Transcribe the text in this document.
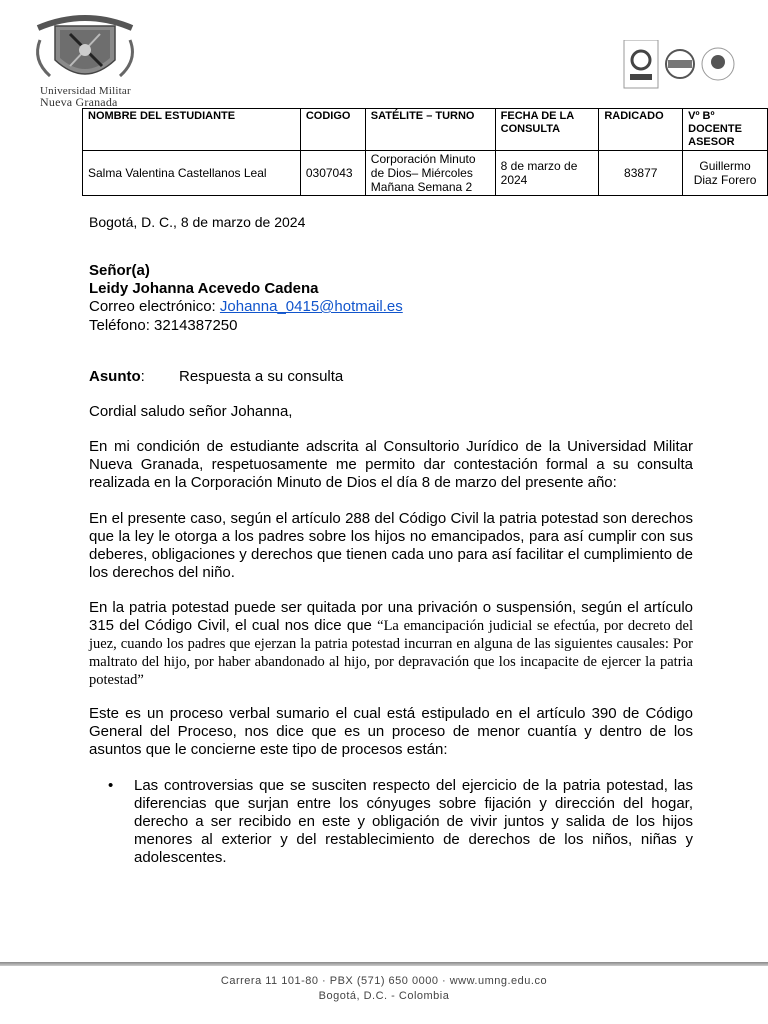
Universidad Militar
Nueva Granada
NOMBRE DEL ESTUDIANTE	CODIGO	SATÉLITE – TURNO	FECHA DE LA CONSULTA	RADICADO	Vº Bº DOCENTE ASESOR
Salma Valentina Castellanos Leal	0307043	Corporación Minuto de Dios– Miércoles Mañana Semana 2	8 de marzo de 2024	83877	Guillermo Diaz Forero
Bogotá, D. C., 8 de marzo de 2024
Señor(a)
Leidy Johanna Acevedo Cadena
Correo electrónico: Johanna_0415@hotmail.es
Teléfono: 3214387250
Asunto: Respuesta a su consulta
Cordial saludo señor Johanna,
En mi condición de estudiante adscrita al Consultorio Jurídico de la Universidad Militar Nueva Granada, respetuosamente me permito dar contestación formal a su consulta realizada en la Corporación Minuto de Dios el día 8 de marzo del presente año:
En el presente caso, según el artículo 288 del Código Civil la patria potestad son derechos que la ley le otorga a los padres sobre los hijos no emancipados, para así cumplir con sus deberes, obligaciones y derechos que tienen cada uno para así facilitar el cumplimiento de los derechos del niño.
En la patria potestad puede ser quitada por una privación o suspensión, según el artículo 315 del Código Civil, el cual nos dice que “La emancipación judicial se efectúa, por decreto del juez, cuando los padres que ejerzan la patria potestad incurran en alguna de las siguientes causales: Por maltrato del hijo, por haber abandonado al hijo, por depravación que los incapacite de ejercer la patria potestad”
Este es un proceso verbal sumario el cual está estipulado en el artículo 390 de Código General del Proceso, nos dice que es un proceso de menor cuantía y dentro de los asuntos que le concierne este tipo de procesos están:
• Las controversias que se susciten respecto del ejercicio de la patria potestad, las diferencias que surjan entre los cónyuges sobre fijación y dirección del hogar, derecho a ser recibido en este y obligación de vivir juntos y salida de los hijos menores al exterior y del restablecimiento de derechos de los niños, niñas y adolescentes.
Carrera 11 101-80 · PBX (571) 650 0000 · www.umng.edu.co
Bogotá, D.C. - Colombia
